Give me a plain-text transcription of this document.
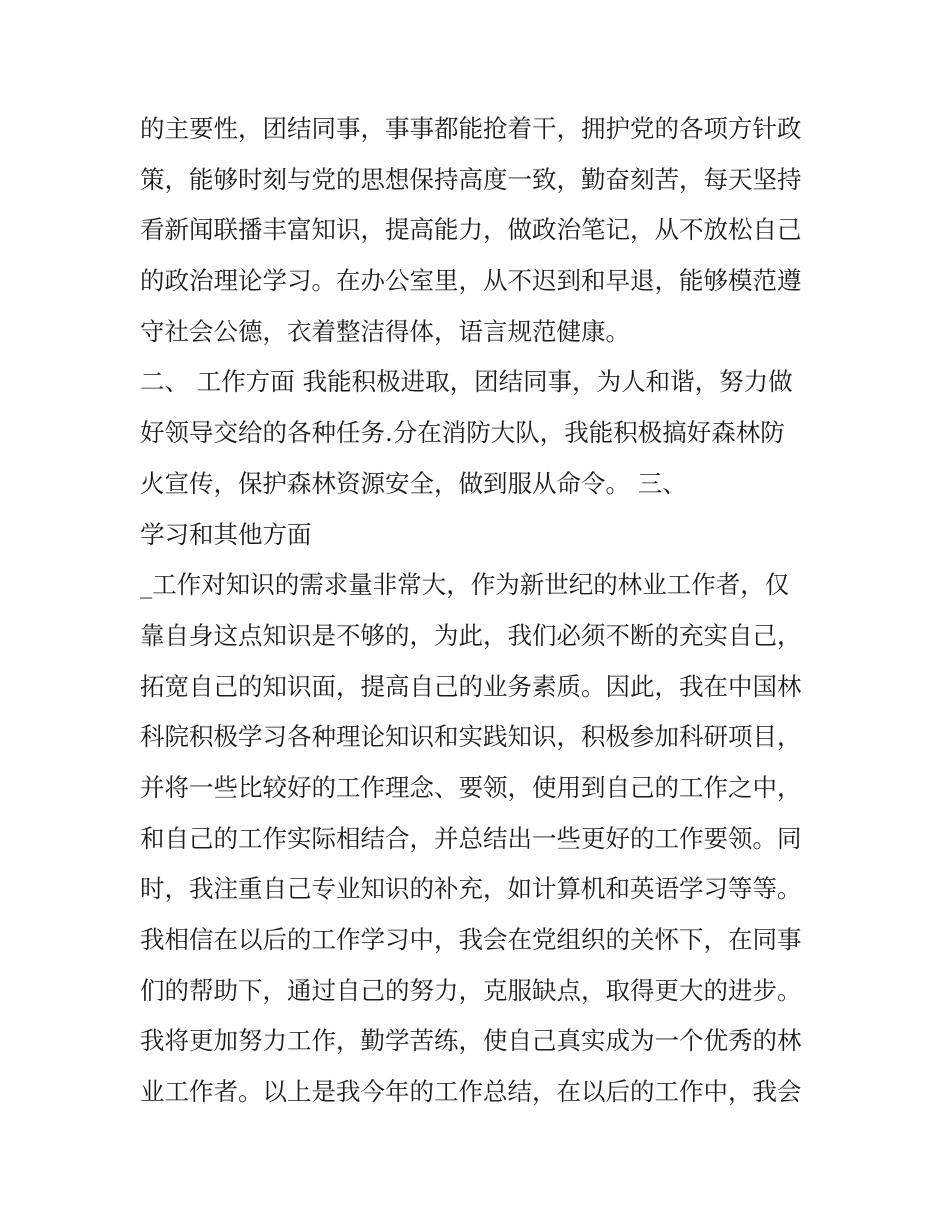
的主要性，团结同事，事事都能抢着干，拥护党的各项方针政
策，能够时刻与党的思想保持高度一致，勤奋刻苦，每天坚持
看新闻联播丰富知识，提高能力，做政治笔记，从不放松自己
的政治理论学习。在办公室里，从不迟到和早退，能够模范遵
守社会公德，衣着整洁得体，语言规范健康。
二、 工作方面 我能积极进取，团结同事，为人和谐，努力做
好领导交给的各种任务.分在消防大队，我能积极搞好森林防
火宣传，保护森林资源安全，做到服从命令。 三、
学习和其他方面
_工作对知识的需求量非常大，作为新世纪的林业工作者，仅
靠自身这点知识是不够的，为此，我们必须不断的充实自己，
拓宽自己的知识面，提高自己的业务素质。因此，我在中国林
科院积极学习各种理论知识和实践知识，积极参加科研项目，
并将一些比较好的工作理念、要领，使用到自己的工作之中，
和自己的工作实际相结合，并总结出一些更好的工作要领。同
时，我注重自己专业知识的补充，如计算机和英语学习等等。
我相信在以后的工作学习中，我会在党组织的关怀下，在同事
们的帮助下，通过自己的努力，克服缺点，取得更大的进步。
我将更加努力工作，勤学苦练，使自己真实成为一个优秀的林
业工作者。以上是我今年的工作总结，在以后的工作中，我会
